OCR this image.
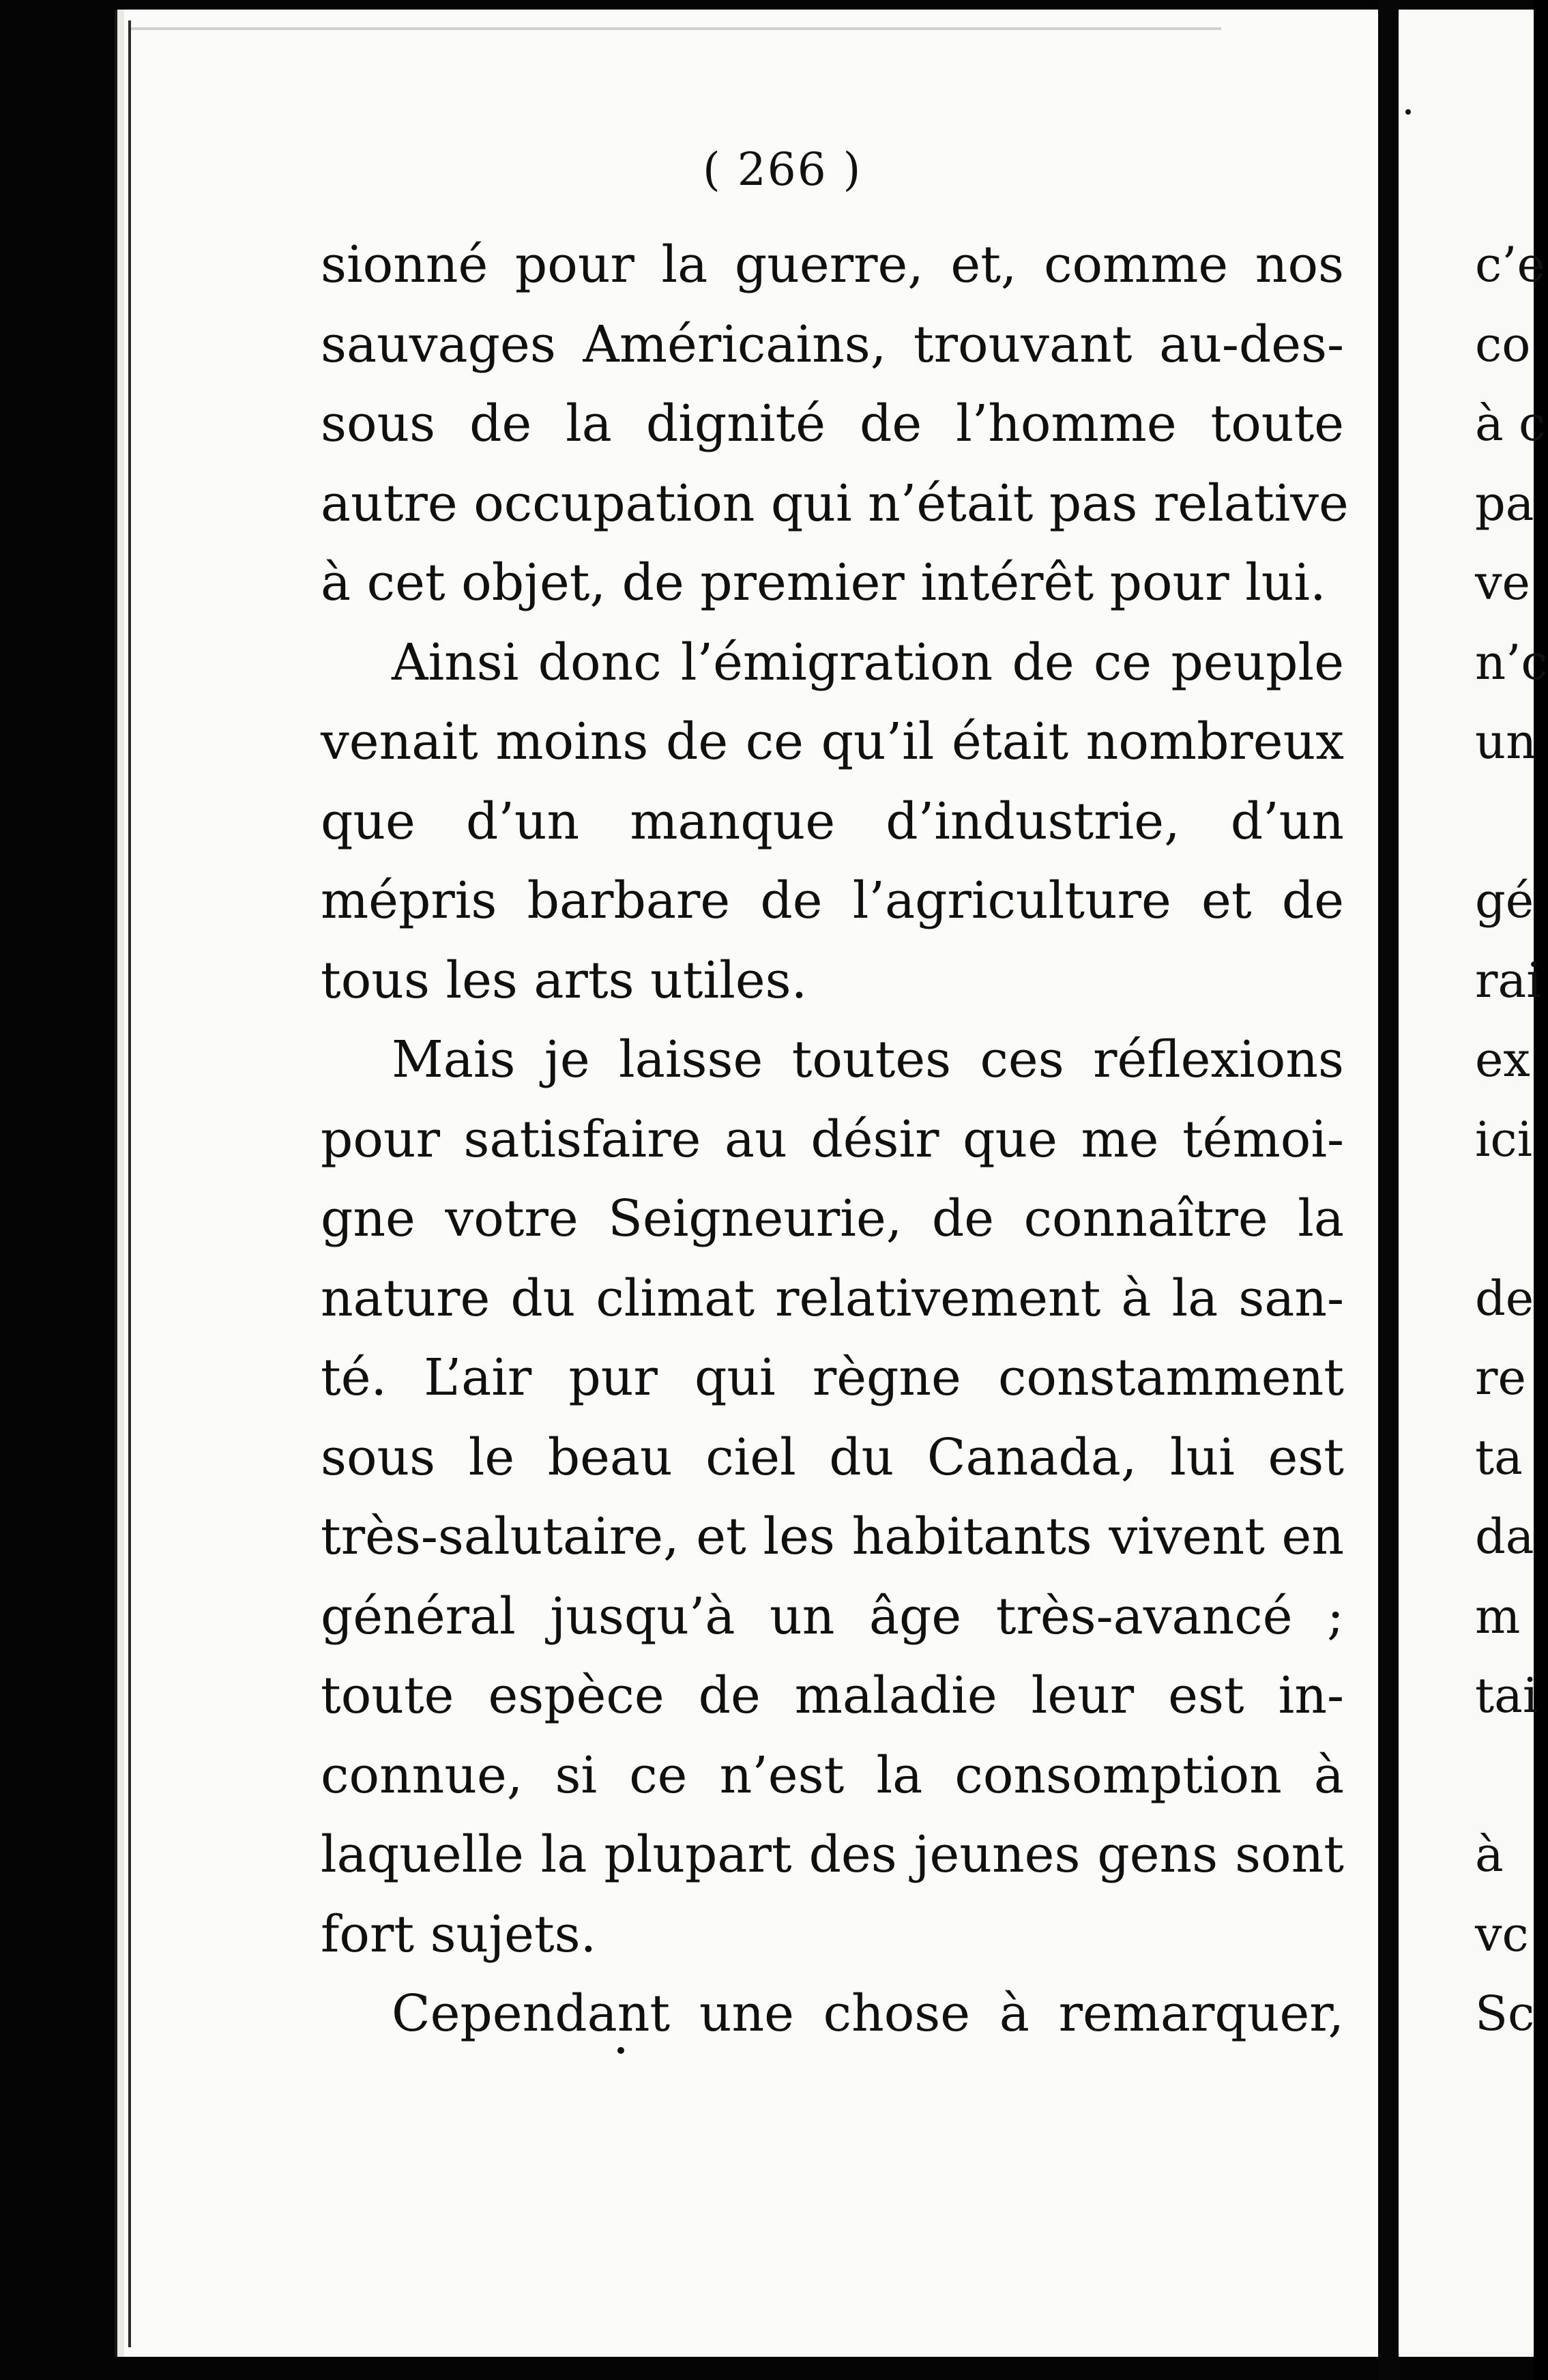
( 266 )
sionné pour la guerre, et, comme nos
sauvages Américains, trouvant au-des-
sous de la dignité de l’homme toute
autre occupation qui n’était pas relative
à cet objet, de premier intérêt pour lui.
Ainsi donc l’émigration de ce peuple
venait moins de ce qu’il était nombreux
que d’un manque d’industrie, d’un
mépris barbare de l’agriculture et de
tous les arts utiles.
Mais je laisse toutes ces réflexions
pour satisfaire au désir que me témoi-
gne votre Seigneurie, de connaître la
nature du climat relativement à la san-
té. L’air pur qui règne constamment
sous le beau ciel du Canada, lui est
très-salutaire, et les habitants vivent en
général jusqu’à un âge très-avancé ;
toute espèce de maladie leur est in-
connue, si ce n’est la consomption à
laquelle la plupart des jeunes gens sont
fort sujets.
Cependant une chose à remarquer,
c’e
co
à c
pa
ve
n’c
un
gé
rai
ex
ici
de
re
ta
da
m
tai
à
vc
Sc
